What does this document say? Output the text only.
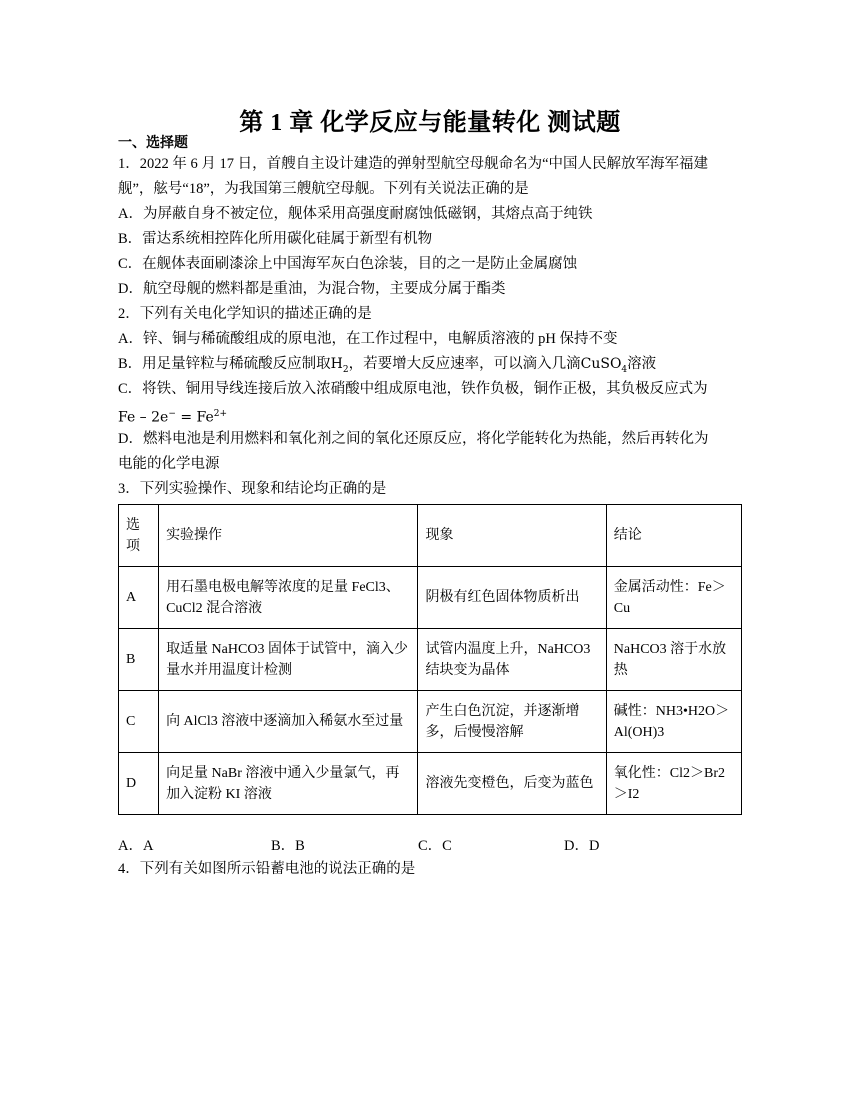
第 1 章 化学反应与能量转化 测试题
一、选择题
1．2022 年 6 月 17 日，首艘自主设计建造的弹射型航空母舰命名为“中国人民解放军海军福建
舰”，舷号“18”，为我国第三艘航空母舰。下列有关说法正确的是
A．为屏蔽自身不被定位，舰体采用高强度耐腐蚀低磁钢，其熔点高于纯铁
B．雷达系统相控阵化所用碳化硅属于新型有机物
C．在舰体表面刷漆涂上中国海军灰白色涂装，目的之一是防止金属腐蚀
D．航空母舰的燃料都是重油，为混合物，主要成分属于酯类
2．下列有关电化学知识的描述正确的是
A．锌、铜与稀硫酸组成的原电池，在工作过程中，电解质溶液的 pH 保持不变
B．用足量锌粒与稀硫酸反应制取$H_2$，若要增大反应速率，可以滴入几滴CuSO$_4$溶液
C．将铁、铜用导线连接后放入浓硝酸中组成原电池，铁作负极，铜作正极，其负极反应式为
$Fe - 2e^- = Fe^{2+}$
D．燃料电池是利用燃料和氧化剂之间的氧化还原反应，将化学能转化为热能，然后再转化为
电能的化学电源
3．下列实验操作、现象和结论均正确的是
选项	实验操作	现象	结论
A	用石墨电极电解等浓度的足量 FeCl3、CuCl2 混合溶液	阴极有红色固体物质析出	金属活动性：Fe＞Cu
B	取适量 NaHCO3 固体于试管中，滴入少量水并用温度计检测	试管内温度上升，NaHCO3 结块变为晶体	NaHCO3 溶于水放热
C	向 AlCl3 溶液中逐滴加入稀氨水至过量	产生白色沉淀，并逐渐增多，后慢慢溶解	碱性：NH3•H2O＞Al(OH)3
D	向足量 NaBr 溶液中通入少量氯气，再加入淀粉 KI 溶液	溶液先变橙色，后变为蓝色	氧化性：Cl2＞Br2＞I2
A．A	B．B	C．C	D．D
4．下列有关如图所示铅蓄电池的说法正确的是
